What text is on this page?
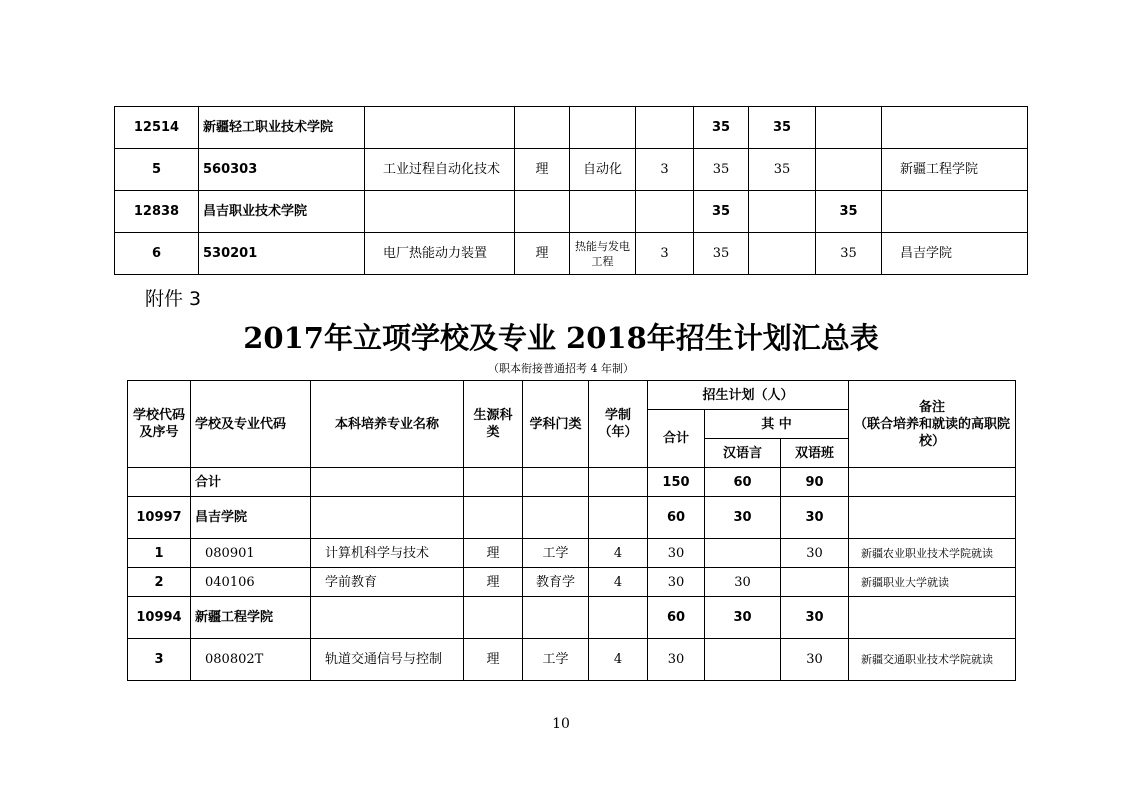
12514	新疆轻工职业技术学院					35	35		
5	560303	工业过程自动化技术	理	自动化	3	35	35		新疆工程学院
12838	昌吉职业技术学院					35		35	
6	530201	电厂热能动力装置	理	热能与发电工程	3	35		35	昌吉学院
附件 3
2017年立项学校及专业 2018年招生计划汇总表
（职本衔接普通招考 4 年制）
学校代码及序号	学校及专业代码	本科培养专业名称	生源科类	学科门类	学制（年）	招生计划（人）			备注
（联合培养和就读的高职院校）

						合计	其 中		
							汉语言	双语班	
	合计					150	60	90	
10997	昌吉学院					60	30	30	
1	080901	计算机科学与技术	理	工学	4	30		30	新疆农业职业技术学院就读
2	040106	学前教育	理	教育学	4	30	30		新疆职业大学就读
10994	新疆工程学院					60	30	30	
3	080802T	轨道交通信号与控制	理	工学	4	30		30	新疆交通职业技术学院就读
10
